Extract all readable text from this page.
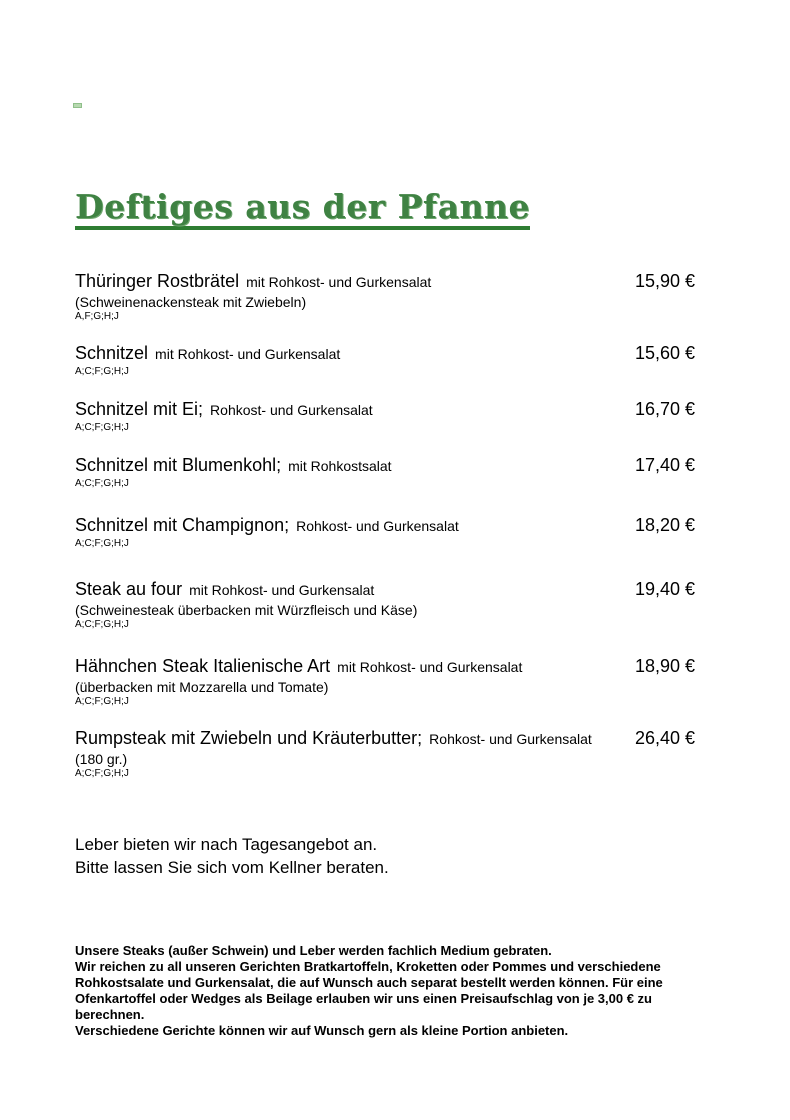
Deftiges aus der Pfanne
Thüringer Rostbrätel mit Rohkost- und Gurkensalat	15,90 €
(Schweinenackensteak mit Zwiebeln)
A,F;G;H;J
Schnitzel mit Rohkost- und Gurkensalat	15,60 €
A;C;F;G;H;J
Schnitzel mit Ei; Rohkost- und Gurkensalat	16,70 €
A;C;F;G;H;J
Schnitzel mit Blumenkohl; mit Rohkostsalat	17,40 €
A;C;F;G;H;J
Schnitzel mit Champignon; Rohkost- und Gurkensalat	18,20 €
A;C;F;G;H;J
Steak au four mit Rohkost- und Gurkensalat	19,40 €
(Schweinesteak überbacken mit Würzfleisch und Käse)
A;C;F;G;H;J
Hähnchen Steak Italienische Art mit Rohkost- und Gurkensalat	18,90 €
(überbacken mit Mozzarella und Tomate)
A;C;F;G;H;J
Rumpsteak mit Zwiebeln und Kräuterbutter; Rohkost- und Gurkensalat	26,40 €
(180 gr.)
A;C;F;G;H;J
Leber bieten wir nach Tagesangebot an.
Bitte lassen Sie sich vom Kellner beraten.
Unsere Steaks (außer Schwein) und Leber werden fachlich Medium gebraten.
Wir reichen zu all unseren Gerichten Bratkartoffeln, Kroketten oder Pommes und verschiedene Rohkostsalate und Gurkensalat, die auf Wunsch auch separat bestellt werden können. Für eine Ofenkartoffel oder Wedges als Beilage erlauben wir uns einen Preisaufschlag von je 3,00 € zu berechnen.
Verschiedene Gerichte können wir auf Wunsch gern als kleine Portion anbieten.
